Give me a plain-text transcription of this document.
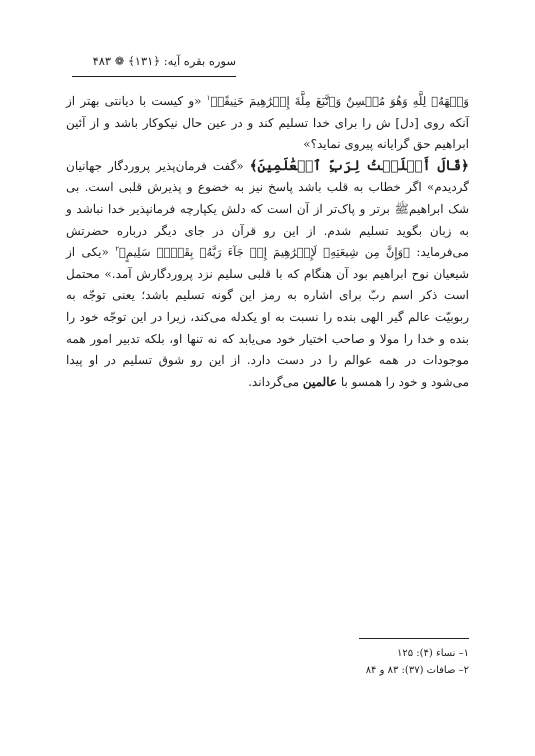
سوره بقره آیه: ﴿۱۳۱﴾ ❁ ۴۸۳

وَجۡهَهُۥ لِلَّهِ وَهُوَ مُحۡسِنٌ وَٱتَّبَعَ مِلَّةَ إِبۡرَٰهِيمَ حَنِيفًاۗ$^۱$ «و کیست با دیانتی بهتر از آنکه روی [دل] ش را برای خدا تسلیم کند و در عین حال نیکوکار باشد و از آئین ابراهیم حق گرایانه پیروی نماید؟»

﴿قَالَ أَسۡلَمۡتُ لِرَبِّ ٱلۡعَٰلَمِينَ﴾ «گفت فرمان‌پذیر پروردگار جهانیان گردیدم» اگر خطاب به قلب باشد پاسخ نیز به خضوع و پذیرش قلبی است. بی شک ابراهیم‌ﷺ برتر و پاک‌تر از آن است که دلش یکپارچه فرمانپذیر خدا نباشد و به زبان بگوید تسلیم شدم. از این رو قرآن در جای دیگر درباره حضرتش می‌فرماید: ﴿وَإِنَّ مِن شِيعَتِهِۦ لَإِبۡرَٰهِيمَ إِذۡ جَآءَ رَبَّهُۥ بِقَلۡبٖ سَلِيمٍ﴾$^۲$ «یکی از شیعیان نوح ابراهیم بود آن هنگام که با قلبی سلیم نزد پروردگارش آمد.» محتمل است ذکر اسم ربّ برای اشاره به رمز این گونه تسلیم باشد؛ یعنی توجّه به ربوبیّت عالم گیر الهی بنده را نسبت به او یکدله می‌کند، زیرا در این توجّه خود را بنده و خدا را مولا و صاحب اختیار خود می‌یابد که نه تنها او، بلکه تدبیر امور همه موجودات در همه عوالم را در دست دارد. از این رو شوق تسلیم در او پیدا می‌شود و خود را همسو با عالمین می‌گرداند.

۱– نساء (۴): ۱۲۵
۲– صافات (۳۷): ۸۳ و ۸۴
